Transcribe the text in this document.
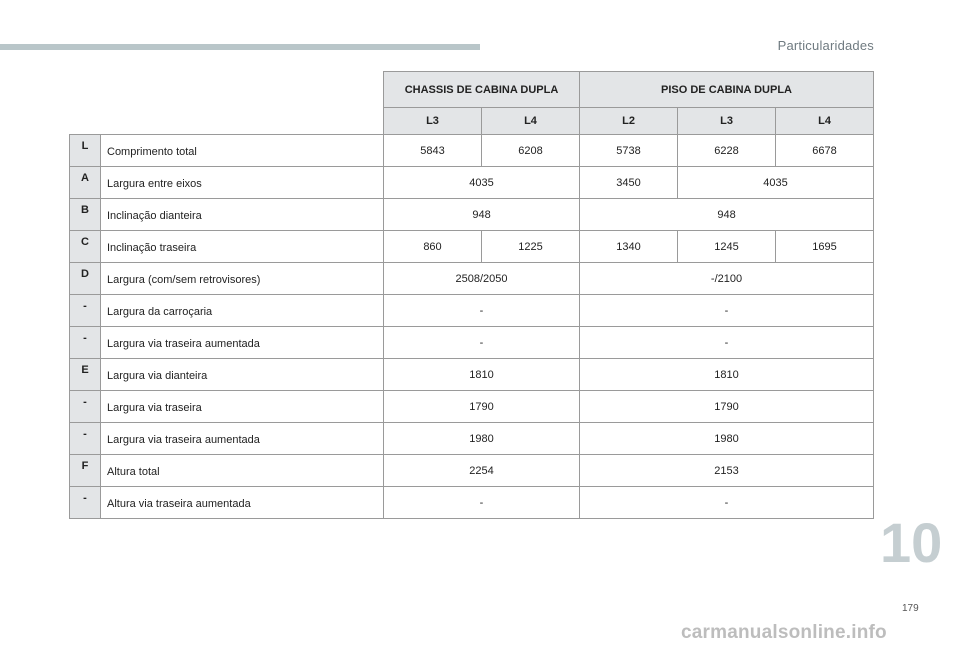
Particularidades
		CHASSIS DE CABINA DUPLA		PISO DE CABINA DUPLA		
		L3	L4	L2	L3	L4
L	Comprimento total	5843	6208	5738	6228	6678
A	Largura entre eixos	4035		3450	4035	
B	Inclinação dianteira	948		948		
C	Inclinação traseira	860	1225	1340	1245	1695
D	Largura (com/sem retrovisores)	2508/2050		-/2100		
-	Largura da carroçaria	-		-		
-	Largura via traseira aumentada	-		-		
E	Largura via dianteira	1810		1810		
-	Largura via traseira	1790		1790		
-	Largura via traseira aumentada	1980		1980		
F	Altura total	2254		2153		
-	Altura via traseira aumentada	-		-		
10
179
carmanualsonline.info
